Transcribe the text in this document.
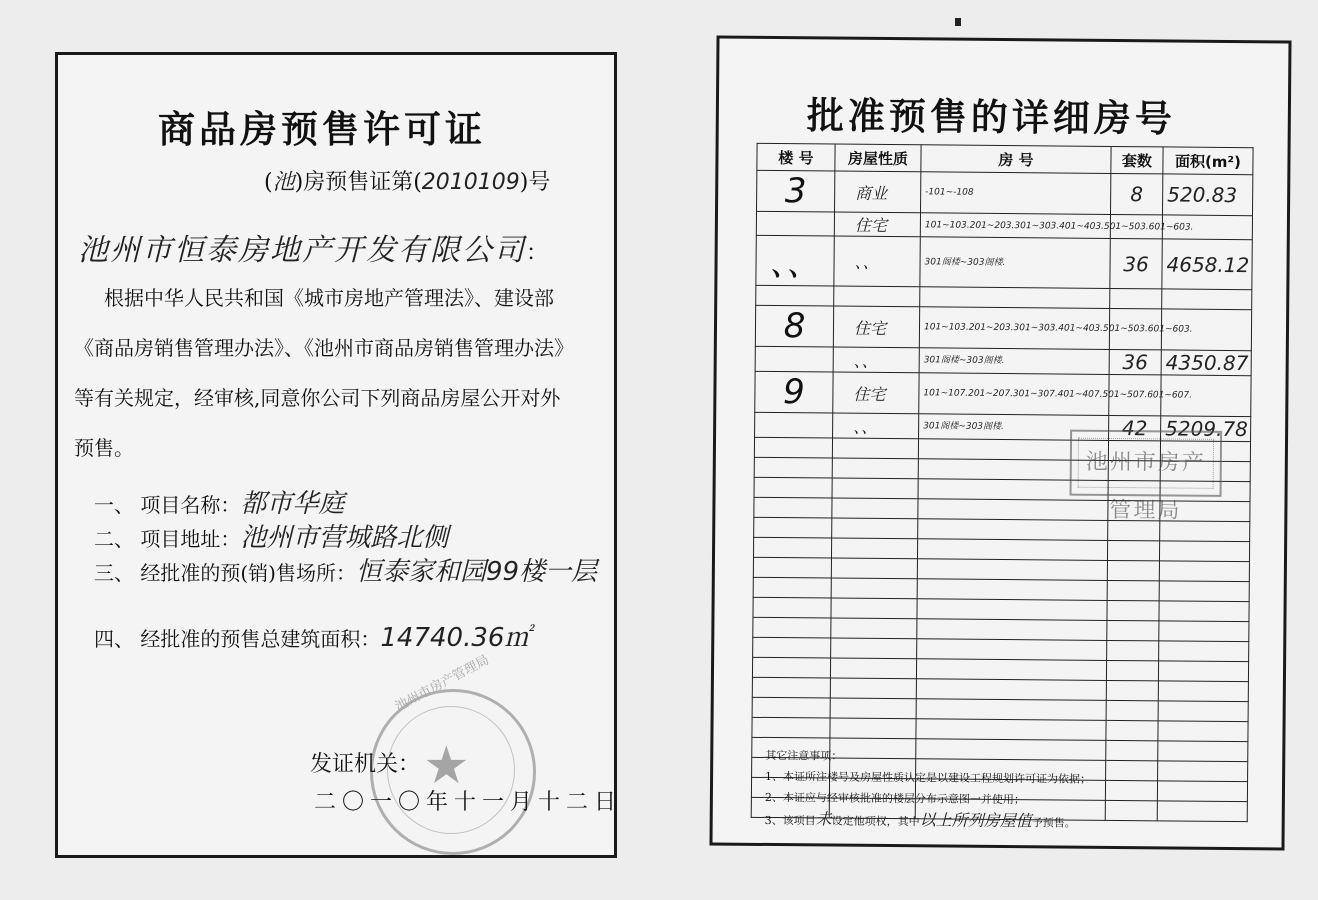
商品房预售许可证
(池)房预售证第(2010109)号
池州市恒泰房地产开发有限公司：
根据中华人民共和国《城市房地产管理法》、建设部
《商品房销售管理办法》、《池州市商品房销售管理办法》
等有关规定，经审核,同意你公司下列商品房屋公开对外
预售。
一、 项目名称：都市华庭
二、 项目地址：池州市营城路北侧
三、 经批准的预(销)售场所：恒泰家和园99楼一层
四、 经批准的预售总建筑面积：14740.36㎡
池州市房产管理局
★
发证机关：
二〇一〇年十一月十二日
批准预售的详细房号
楼 号	房屋性质	房 号	套数	面积(m²)
3	商业	-101~-108	8	520.83
	住宅	101~103.201~203.301~303.401~403.501~503.601~603.		
、、	、、	301阁楼~303阁楼.	36	4658.12

8	住宅	101~103.201~203.301~303.401~403.501~503.601~603.		
	、、	301阁楼~303阁楼.	36	4350.87
9	住宅	101~107.201~207.301~307.401~407.501~507.601~607.		
	、、	301阁楼~303阁楼.	42	5209.78

池州市房产管理局
其它注意事项：
1、本证所注楼号及房屋性质认定是以建设工程规划许可证为依据；
2、本证应与经审核批准的楼层分布示意图一并使用；
3、该项目未设定他项权，其中以上所列房屋值予预售。
